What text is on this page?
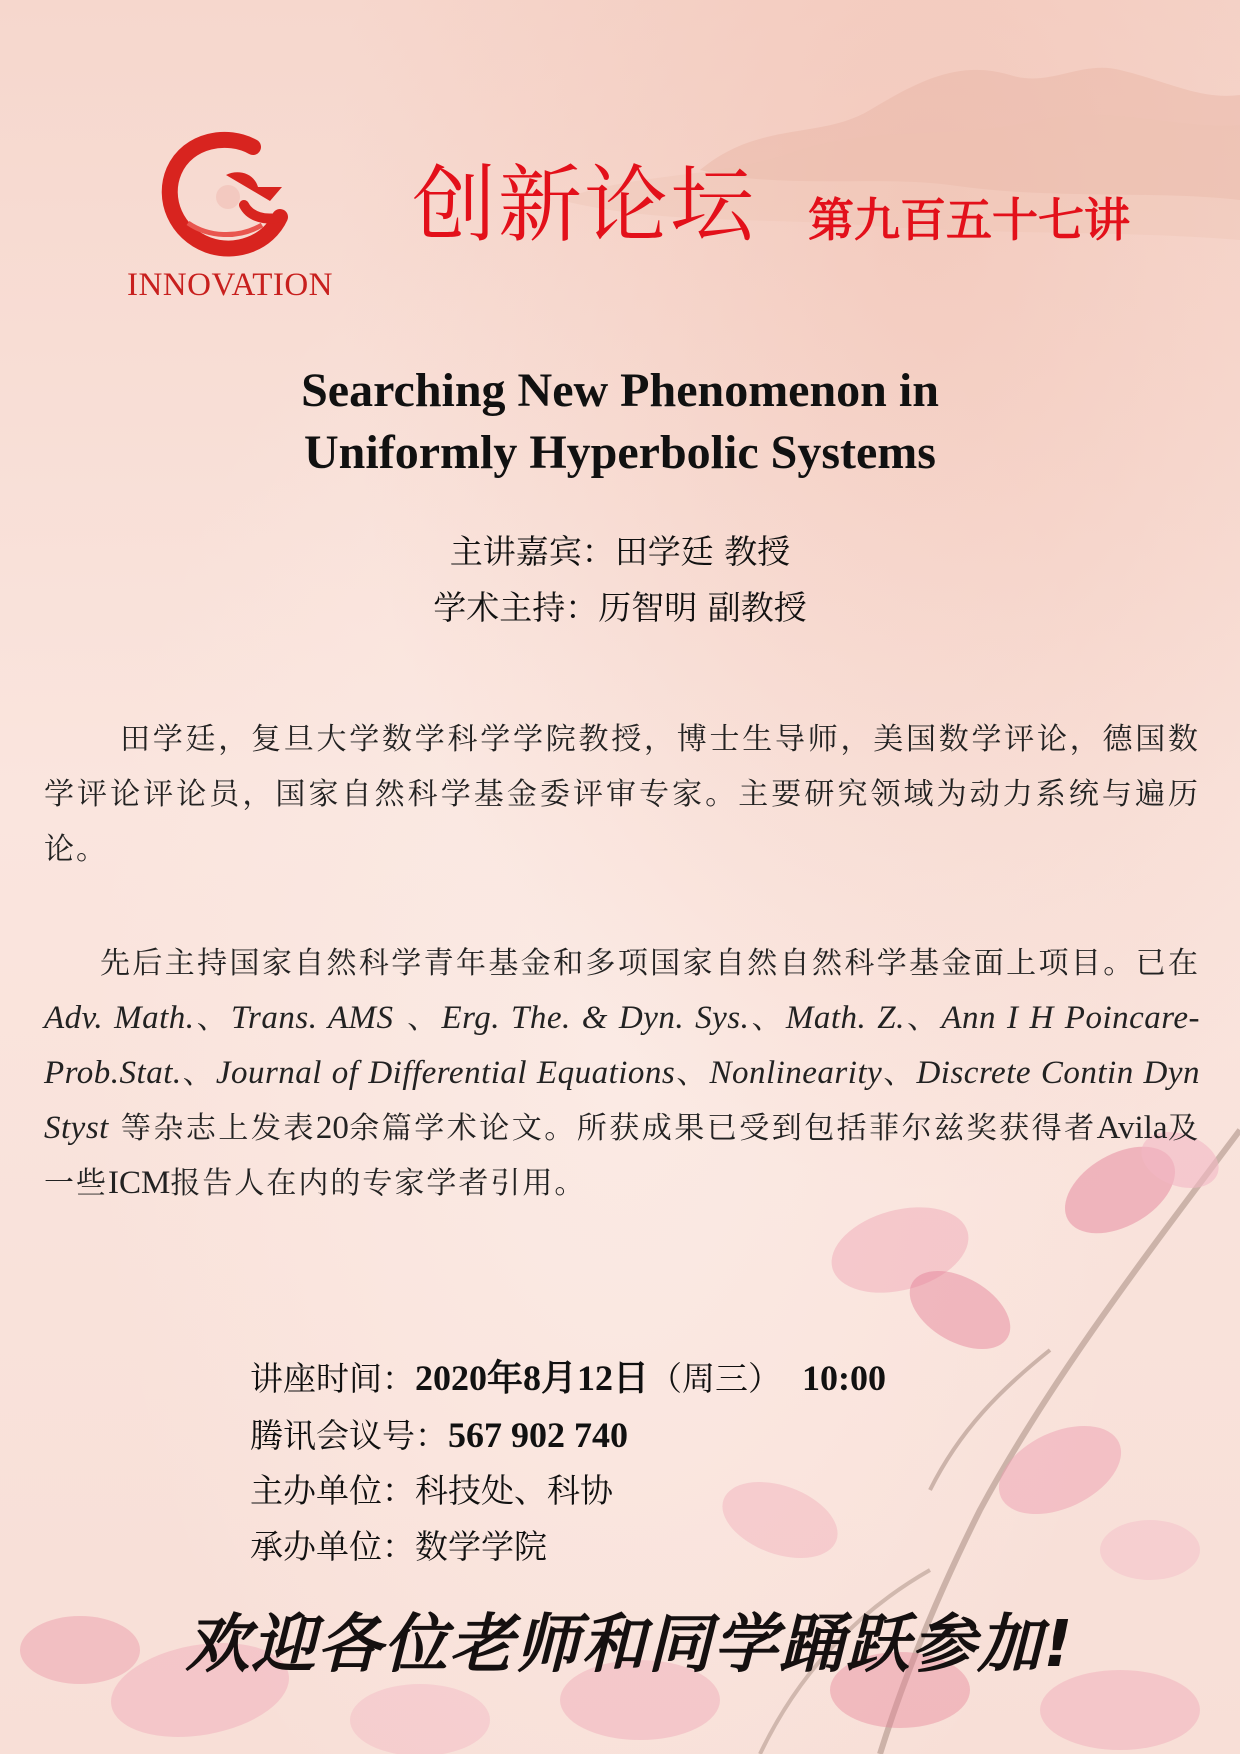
INNOVATION
创新论坛 第九百五十七讲
Searching New Phenomenon in
Uniformly Hyperbolic Systems
主讲嘉宾：田学廷 教授
学术主持：历智明 副教授
田学廷，复旦大学数学科学学院教授，博士生导师，美国数学评论，德国数学评论评论员，国家自然科学基金委评审专家。主要研究领域为动力系统与遍历论。
先后主持国家自然科学青年基金和多项国家自然自然科学基金面上项目。已在Adv. Math.、Trans. AMS 、Erg. The. & Dyn. Sys.、Math. Z.、Ann I H Poincare-Prob.Stat.、Journal of Differential Equations、Nonlinearity、Discrete Contin Dyn Styst 等杂志上发表20余篇学术论文。所获成果已受到包括菲尔兹奖获得者Avila及一些ICM报告人在内的专家学者引用。
讲座时间：2020年8月12日（周三） 10:00
腾讯会议号：567 902 740
主办单位：科技处、科协
承办单位：数学学院
欢迎各位老师和同学踊跃参加!
